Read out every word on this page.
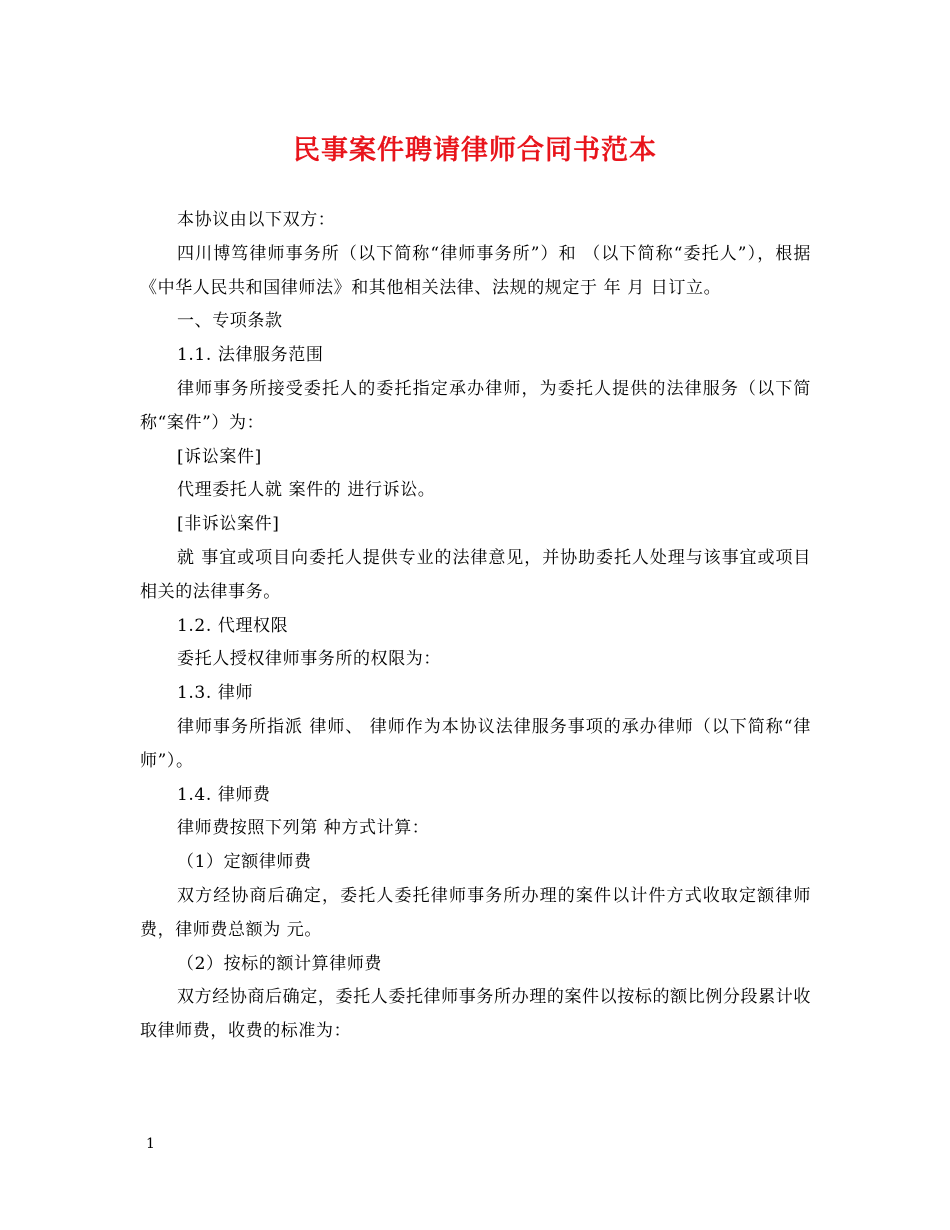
民事案件聘请律师合同书范本

本协议由以下双方：

四川博笃律师事务所（以下简称“律师事务所”）和 （以下简称“委托人”），根据《中华人民共和国律师法》和其他相关法律、法规的规定于 年 月 日订立。

一、专项条款

1.1. 法律服务范围

律师事务所接受委托人的委托指定承办律师，为委托人提供的法律服务（以下简称“案件”）为：

[诉讼案件]

代理委托人就 案件的 进行诉讼。

[非诉讼案件]

就 事宜或项目向委托人提供专业的法律意见，并协助委托人处理与该事宜或项目相关的法律事务。

1.2. 代理权限

委托人授权律师事务所的权限为：

1.3. 律师

律师事务所指派 律师、 律师作为本协议法律服务事项的承办律师（以下简称“律师”）。

1.4. 律师费

律师费按照下列第 种方式计算：

（1）定额律师费

双方经协商后确定，委托人委托律师事务所办理的案件以计件方式收取定额律师费，律师费总额为 元。

（2）按标的额计算律师费

双方经协商后确定，委托人委托律师事务所办理的案件以按标的额比例分段累计收取律师费，收费的标准为：

1
